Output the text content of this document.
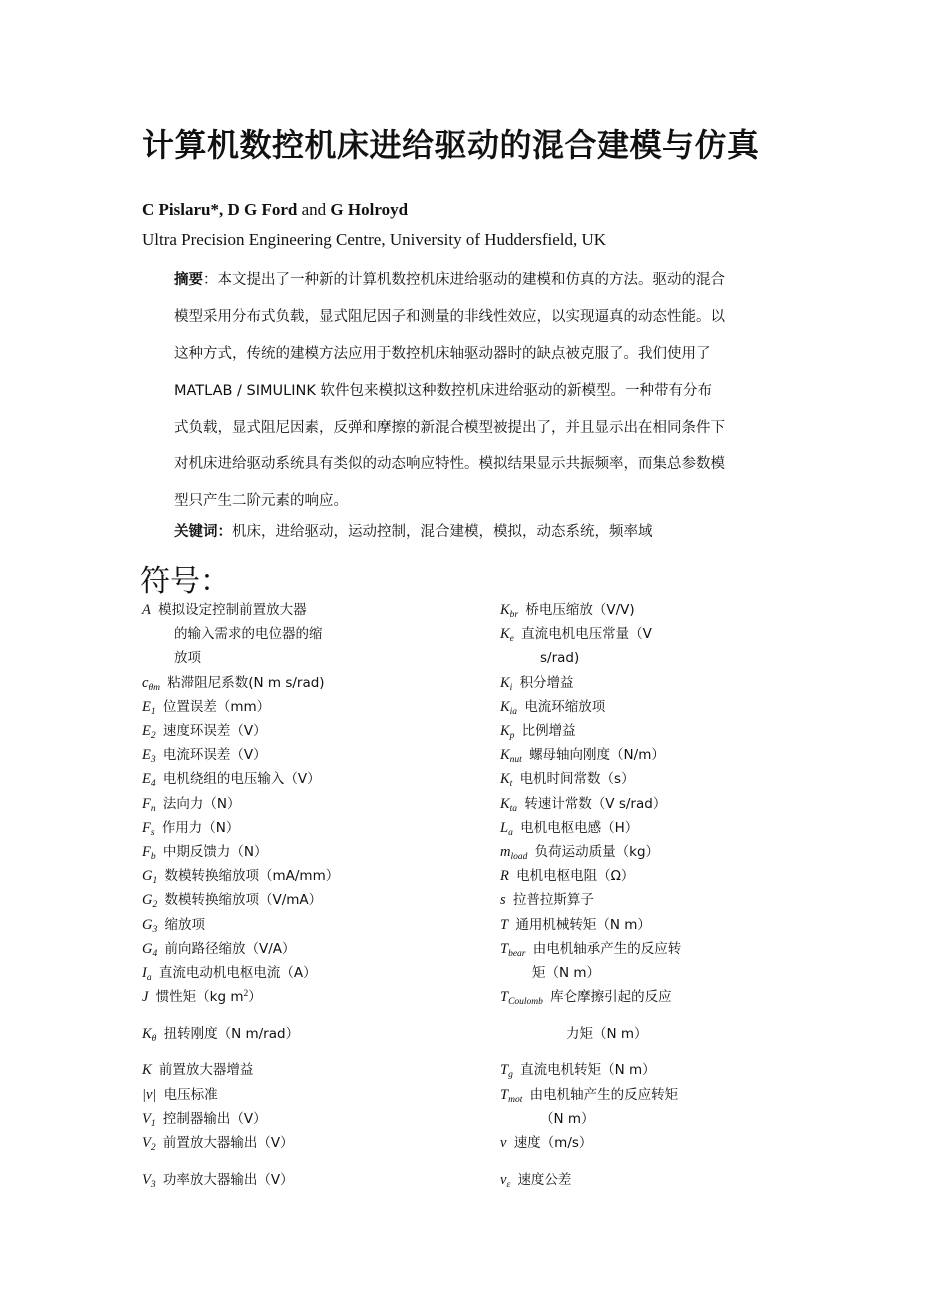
计算机数控机床进给驱动的混合建模与仿真
C Pislaru*, D G Ford and G Holroyd
Ultra Precision Engineering Centre, University of Huddersfield, UK
摘要：本文提出了一种新的计算机数控机床进给驱动的建模和仿真的方法。驱动的混合
模型采用分布式负载，显式阻尼因子和测量的非线性效应，以实现逼真的动态性能。以
这种方式，传统的建模方法应用于数控机床轴驱动器时的缺点被克服了。我们使用了
MATLAB / SIMULINK 软件包来模拟这种数控机床进给驱动的新模型。一种带有分布
式负载，显式阻尼因素，反弹和摩擦的新混合模型被提出了，并且显示出在相同条件下
对机床进给驱动系统具有类似的动态响应特性。模拟结果显示共振频率，而集总参数模
型只产生二阶元素的响应。
关键词：机床，进给驱动，运动控制，混合建模，模拟，动态系统，频率域
符号：
A 模拟设定控制前置放大器
的输入需求的电位器的缩
放项
$c_{\theta m}$ 粘滞阻尼系数(N m s/rad)
$E_1$ 位置误差（mm）
$E_2$ 速度环误差（V）
$E_3$ 电流环误差（V）
$E_4$ 电机绕组的电压输入（V）
$F_n$ 法向力（N）
$F_s$ 作用力（N）
$F_b$ 中期反馈力（N）
$G_1$ 数模转换缩放项（mA/mm）
$G_2$ 数模转换缩放项（V/mA）
$G_3$ 缩放项
$G_4$ 前向路径缩放（V/A）
$I_a$ 直流电动机电枢电流（A）
J 惯性矩（kg $m^2$）
$K_\theta$ 扭转刚度（N m/rad）
K 前置放大器增益
|v| 电压标准
$V_1$ 控制器输出（V）
$V_2$ 前置放大器输出（V）
$V_3$ 功率放大器输出（V）
$K_{br}$ 桥电压缩放（V/V)
$K_e$ 直流电机电压常量（V
s/rad)
$K_i$ 积分增益
$K_{ia}$ 电流环缩放项
$K_p$ 比例增益
$K_{nut}$ 螺母轴向刚度（N/m）
$K_t$ 电机时间常数（s）
$K_{ta}$ 转速计常数（V s/rad）
$L_a$ 电机电枢电感（H）
$m_{load}$ 负荷运动质量（kg）
R 电机电枢电阻（Ω）
s 拉普拉斯算子
T 通用机械转矩（N m）
$T_{bear}$ 由电机轴承产生的反应转
矩（N m）
$T_{Coulomb}$ 库仑摩擦引起的反应
力矩（N m）
$T_g$ 直流电机转矩（N m）
$T_{mot}$ 由电机轴产生的反应转矩
（N m）
v 速度（m/s）
$v_\varepsilon$ 速度公差
